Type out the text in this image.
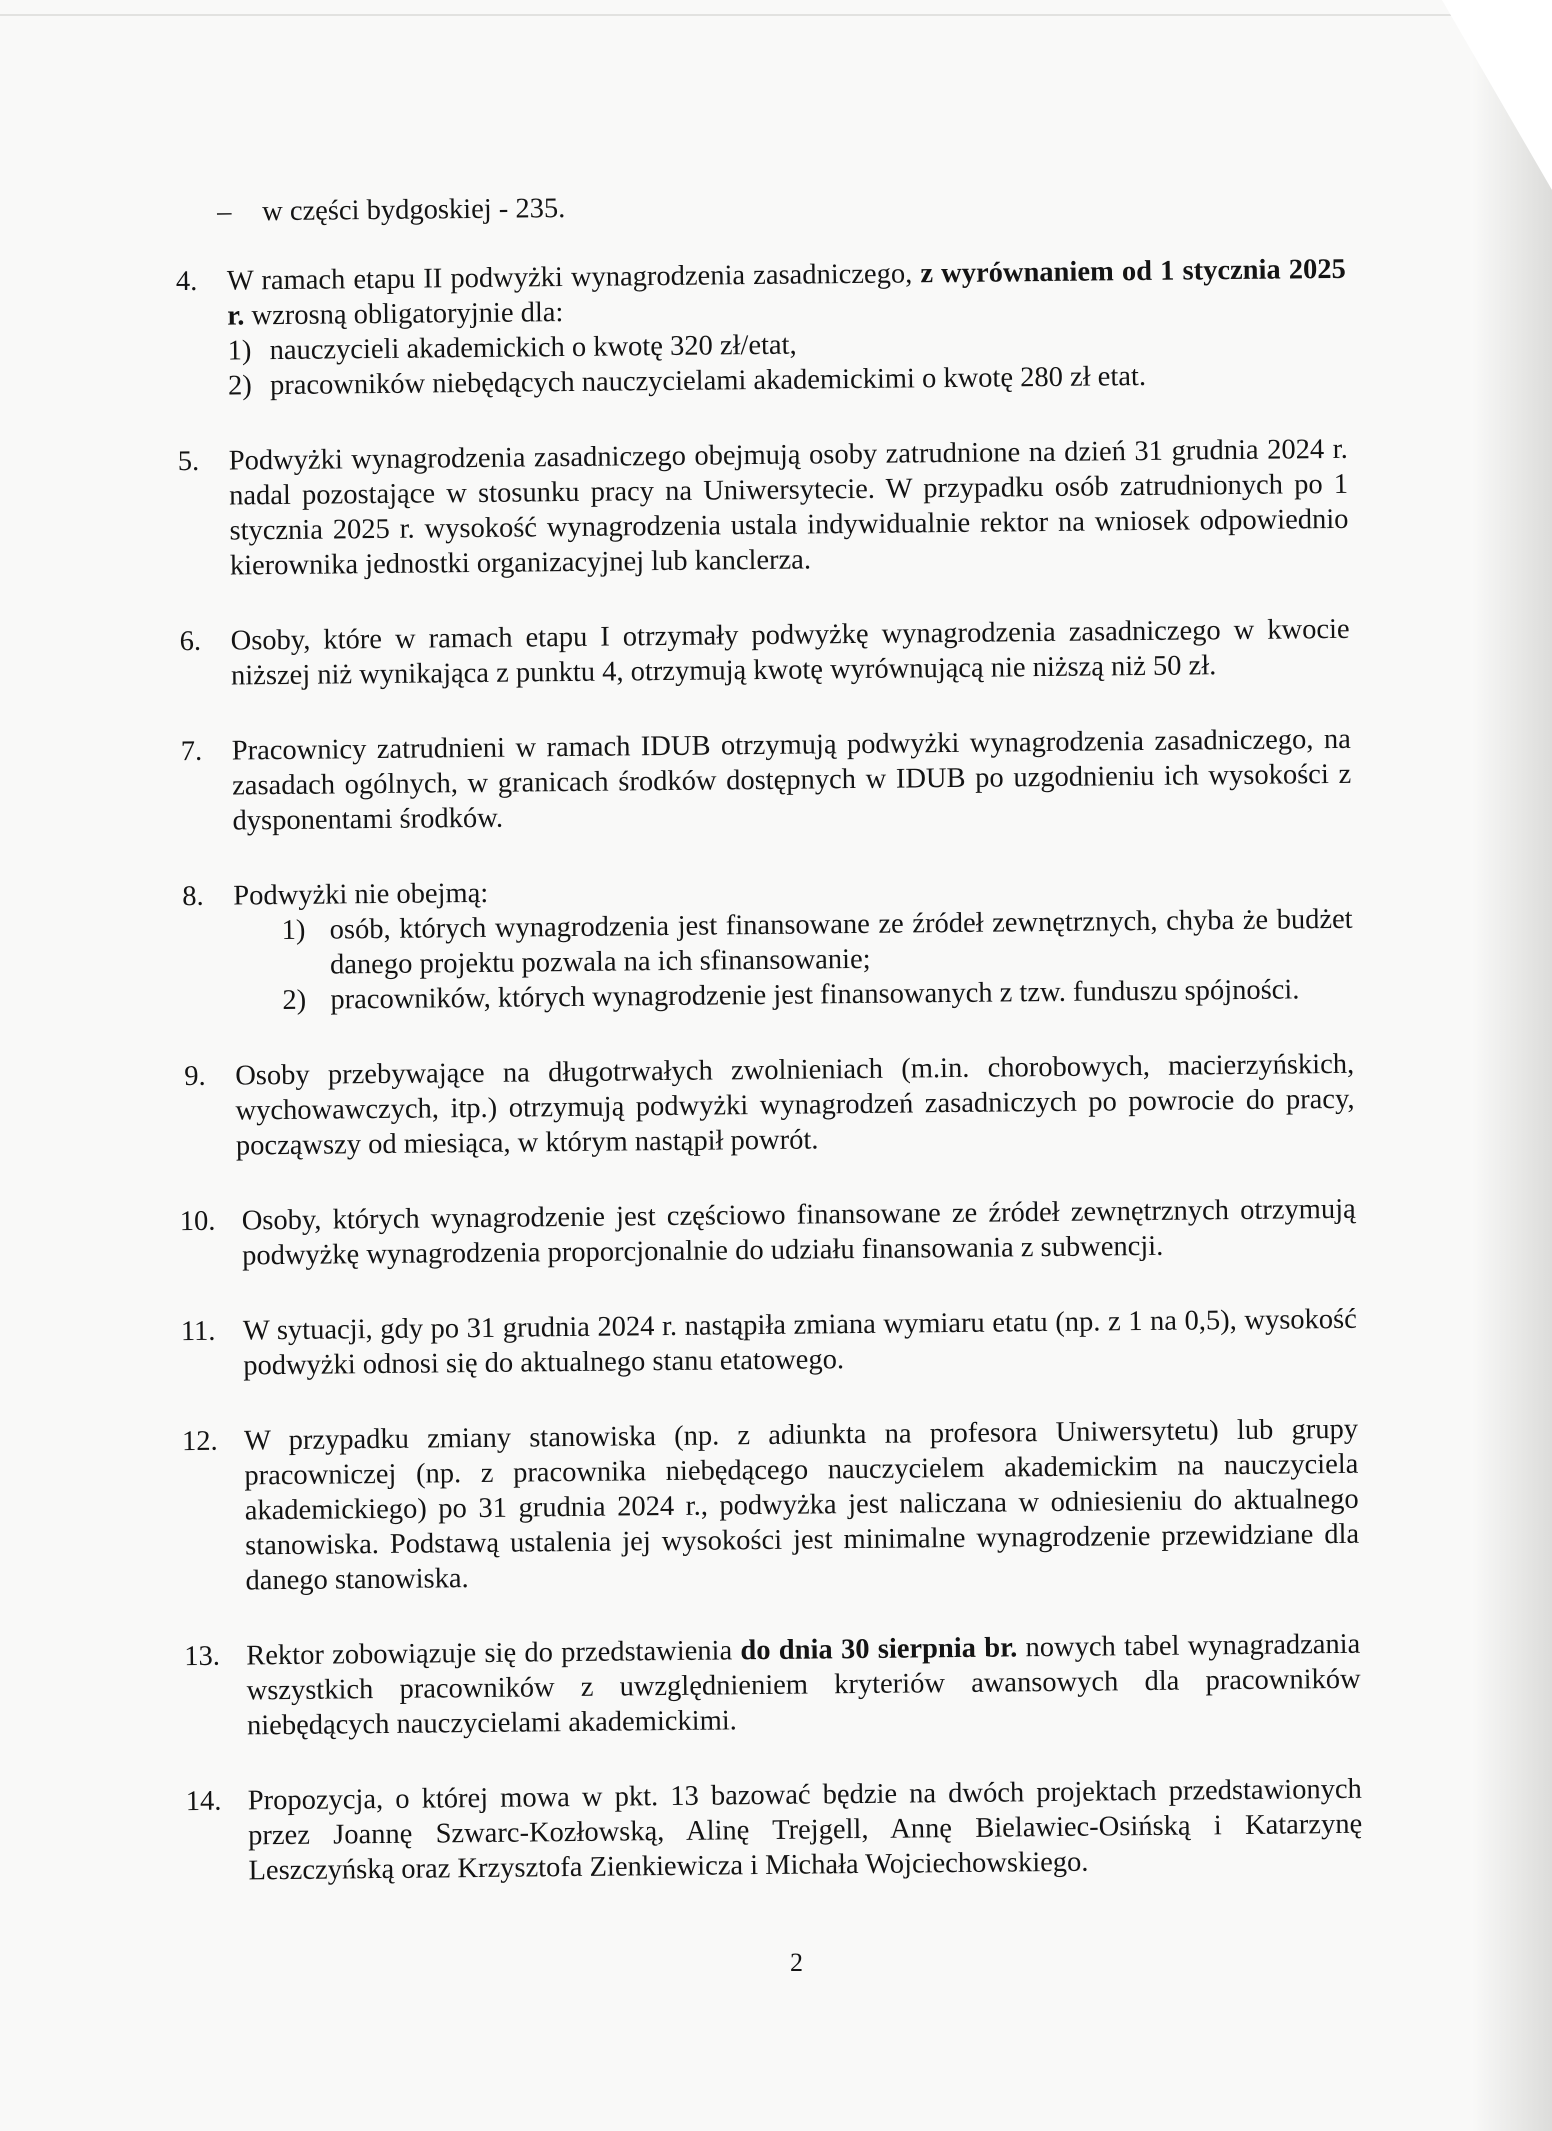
– w części bydgoskiej - 235.
4. W ramach etapu II podwyżki wynagrodzenia zasadniczego, z wyrównaniem od 1 stycznia 2025 r. wzrosną obligatoryjnie dla:
1) nauczycieli akademickich o kwotę 320 zł/etat,
2) pracowników niebędących nauczycielami akademickimi o kwotę 280 zł etat.
5. Podwyżki wynagrodzenia zasadniczego obejmują osoby zatrudnione na dzień 31 grudnia 2024 r. nadal pozostające w stosunku pracy na Uniwersytecie. W przypadku osób zatrudnionych po 1 stycznia 2025 r. wysokość wynagrodzenia ustala indywidualnie rektor na wniosek odpowiednio kierownika jednostki organizacyjnej lub kanclerza.
6. Osoby, które w ramach etapu I otrzymały podwyżkę wynagrodzenia zasadniczego w kwocie niższej niż wynikająca z punktu 4, otrzymują kwotę wyrównującą nie niższą niż 50 zł.
7. Pracownicy zatrudnieni w ramach IDUB otrzymują podwyżki wynagrodzenia zasadniczego, na zasadach ogólnych, w granicach środków dostępnych w IDUB po uzgodnieniu ich wysokości z dysponentami środków.
8. Podwyżki nie obejmą:
1) osób, których wynagrodzenia jest finansowane ze źródeł zewnętrznych, chyba że budżet danego projektu pozwala na ich sfinansowanie;
2) pracowników, których wynagrodzenie jest finansowanych z tzw. funduszu spójności.
9. Osoby przebywające na długotrwałych zwolnieniach (m.in. chorobowych, macierzyńskich, wychowawczych, itp.) otrzymują podwyżki wynagrodzeń zasadniczych po powrocie do pracy, począwszy od miesiąca, w którym nastąpił powrót.
10. Osoby, których wynagrodzenie jest częściowo finansowane ze źródeł zewnętrznych otrzymują podwyżkę wynagrodzenia proporcjonalnie do udziału finansowania z subwencji.
11. W sytuacji, gdy po 31 grudnia 2024 r. nastąpiła zmiana wymiaru etatu (np. z 1 na 0,5), wysokość podwyżki odnosi się do aktualnego stanu etatowego.
12. W przypadku zmiany stanowiska (np. z adiunkta na profesora Uniwersytetu) lub grupy pracowniczej (np. z pracownika niebędącego nauczycielem akademickim na nauczyciela akademickiego) po 31 grudnia 2024 r., podwyżka jest naliczana w odniesieniu do aktualnego stanowiska. Podstawą ustalenia jej wysokości jest minimalne wynagrodzenie przewidziane dla danego stanowiska.
13. Rektor zobowiązuje się do przedstawienia do dnia 30 sierpnia br. nowych tabel wynagradzania wszystkich pracowników z uwzględnieniem kryteriów awansowych dla pracowników niebędących nauczycielami akademickimi.
14. Propozycja, o której mowa w pkt. 13 bazować będzie na dwóch projektach przedstawionych przez Joannę Szwarc-Kozłowską, Alinę Trejgell, Annę Bielawiec-Osińską i Katarzynę Leszczyńską oraz Krzysztofa Zienkiewicza i Michała Wojciechowskiego.
2
